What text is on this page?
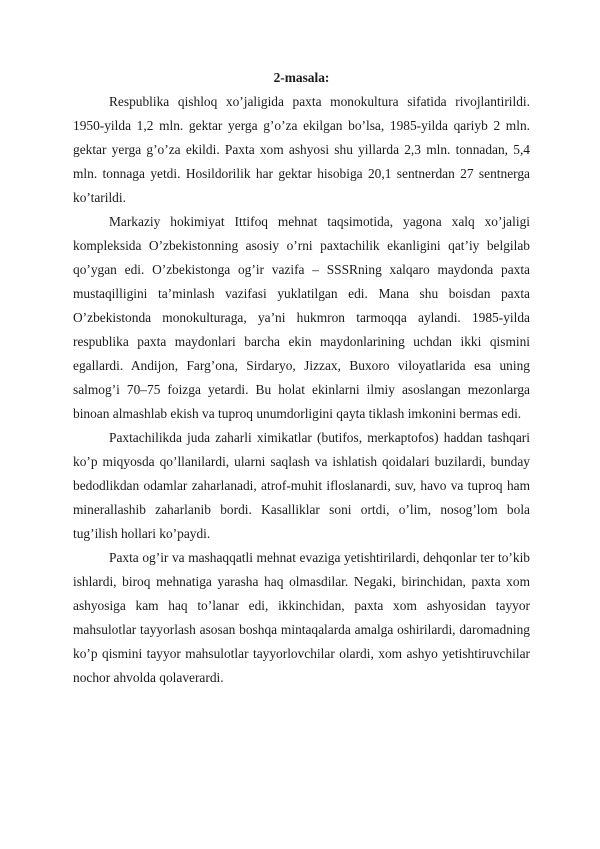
2-masala:

Respublika qishloq xo’jaligida paxta monokultura sifatida rivojlantirildi. 1950-yilda 1,2 mln. gektar yerga g’o’za ekilgan bo’lsa, 1985-yilda qariyb 2 mln. gektar yerga g’o’za ekildi. Paxta xom ashyosi shu yillarda 2,3 mln. tonnadan, 5,4 mln. tonnaga yetdi. Hosildorilik har gektar hisobiga 20,1 sentnerdan 27 sentnerga ko’tarildi.

Markaziy hokimiyat Ittifoq mehnat taqsimotida, yagona xalq xo’jaligi kompleksida O’zbekistonning asosiy o’rni paxtachilik ekanligini qat’iy belgilab qo’ygan edi. O’zbekistonga og’ir vazifa – SSSRning xalqaro maydonda paxta mustaqilligini ta’minlash vazifasi yuklatilgan edi. Mana shu boisdan paxta O’zbekistonda monokulturaga, ya’ni hukmron tarmoqqa aylandi. 1985-yilda respublika paxta maydonlari barcha ekin maydonlarining uchdan ikki qismini egallardi. Andijon, Farg’ona, Sirdaryo, Jizzax, Buxoro viloyatlarida esa uning salmog’i 70–75 foizga yetardi. Bu holat ekinlarni ilmiy asoslangan mezonlarga binoan almashlab ekish va tuproq unumdorligini qayta tiklash imkonini bermas edi.

Paxtachilikda juda zaharli ximikatlar (butifos, merkaptofos) haddan tashqari ko’p miqyosda qo’llanilardi, ularni saqlash va ishlatish qoidalari buzilardi, bunday bedodlikdan odamlar zaharlanadi, atrof-muhit ifloslanardi, suv, havo va tuproq ham minerallashib zaharlanib bordi. Kasalliklar soni ortdi, o’lim, nosog’lom bola tug’ilish hollari ko’paydi.

Paxta og’ir va mashaqqatli mehnat evaziga yetishtirilardi, dehqonlar ter to’kib ishlardi, biroq mehnatiga yarasha haq olmasdilar. Negaki, birinchidan, paxta xom ashyosiga kam haq to’lanar edi, ikkinchidan, paxta xom ashyosidan tayyor mahsulotlar tayyorlash asosan boshqa mintaqalarda amalga oshirilardi, daromadning ko’p qismini tayyor mahsulotlar tayyorlovchilar olardi, xom ashyo yetishtiruvchilar nochor ahvolda qolaverardi.
